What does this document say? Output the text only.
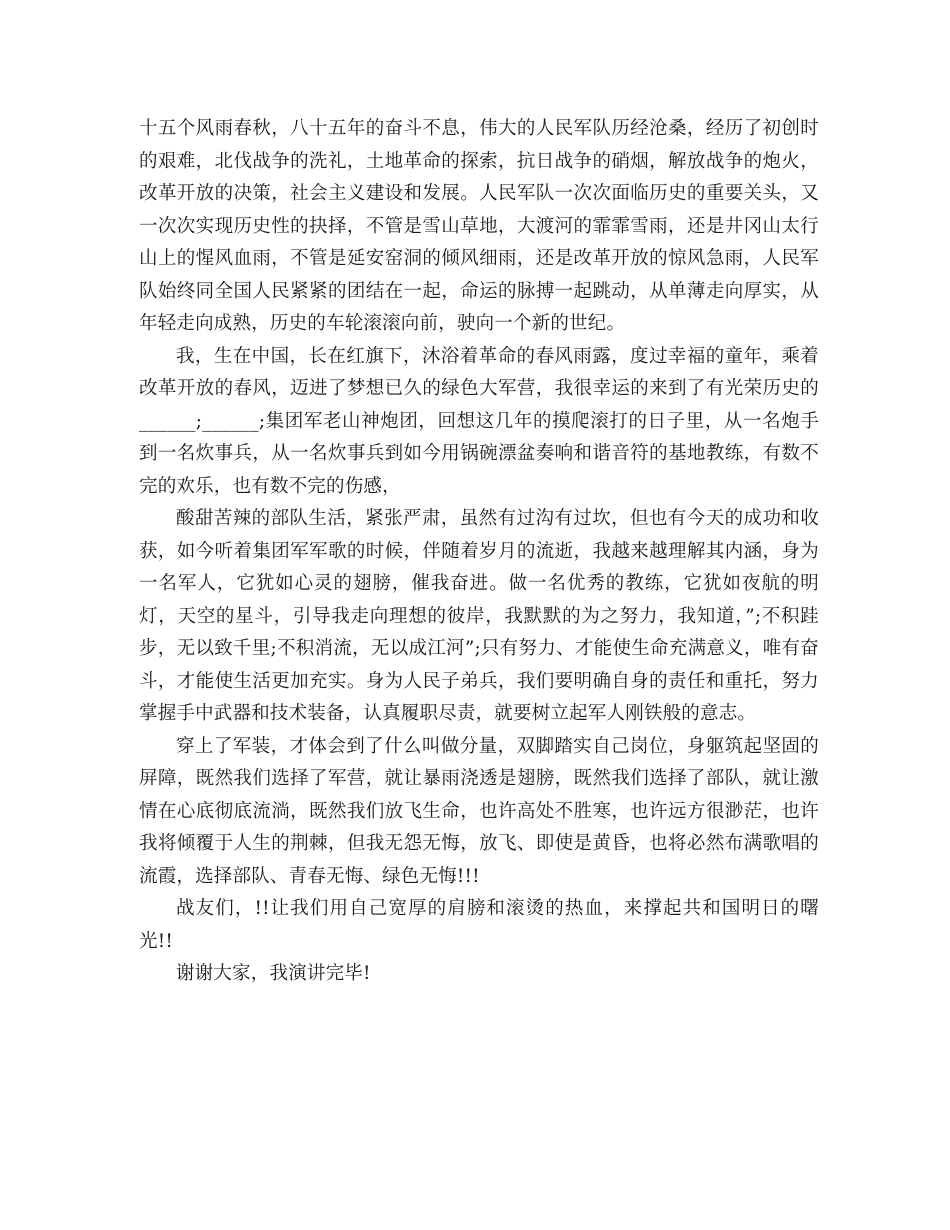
十五个风雨春秋，八十五年的奋斗不息，伟大的人民军队历经沧桑，经历了初创时的艰难，北伐战争的洗礼，土地革命的探索，抗日战争的硝烟，解放战争的炮火，改革开放的决策，社会主义建设和发展。人民军队一次次面临历史的重要关头，又一次次实现历史性的抉择，不管是雪山草地，大渡河的霏霏雪雨，还是井冈山太行山上的惺风血雨，不管是延安窑洞的倾风细雨，还是改革开放的惊风急雨，人民军队始终同全国人民紧紧的团结在一起，命运的脉搏一起跳动，从单薄走向厚实，从年轻走向成熟，历史的车轮滚滚向前，驶向一个新的世纪。

我，生在中国，长在红旗下，沐浴着革命的春风雨露，度过幸福的童年，乘着改革开放的春风，迈进了梦想已久的绿色大军营，我很幸运的来到了有光荣历史的______;______;集团军老山神炮团，回想这几年的摸爬滚打的日子里，从一名炮手到一名炊事兵，从一名炊事兵到如今用锅碗漂盆奏响和谐音符的基地教练，有数不完的欢乐，也有数不完的伤感，

酸甜苦辣的部队生活，紧张严肃，虽然有过沟有过坎，但也有今天的成功和收获，如今听着集团军军歌的时候，伴随着岁月的流逝，我越来越理解其内涵，身为一名军人，它犹如心灵的翅膀，催我奋进。做一名优秀的教练，它犹如夜航的明灯，天空的星斗，引导我走向理想的彼岸，我默默的为之努力，我知道，”;不积跬步，无以致千里;不积消流，无以成江河”;只有努力、才能使生命充满意义，唯有奋斗，才能使生活更加充实。身为人民子弟兵，我们要明确自身的责任和重托，努力掌握手中武器和技术装备，认真履职尽责，就要树立起军人刚铁般的意志。

穿上了军装，才体会到了什么叫做分量，双脚踏实自己岗位，身躯筑起坚固的屏障，既然我们选择了军营，就让暴雨浇透是翅膀，既然我们选择了部队，就让激情在心底彻底流淌，既然我们放飞生命，也许高处不胜寒，也许远方很渺茫，也许我将倾覆于人生的荆棘，但我无怨无悔，放飞、即使是黄昏，也将必然布满歌唱的流霞，选择部队、青春无悔、绿色无悔!!!

战友们，!!让我们用自己宽厚的肩膀和滚烫的热血，来撑起共和国明日的曙光!!

谢谢大家，我演讲完毕!
